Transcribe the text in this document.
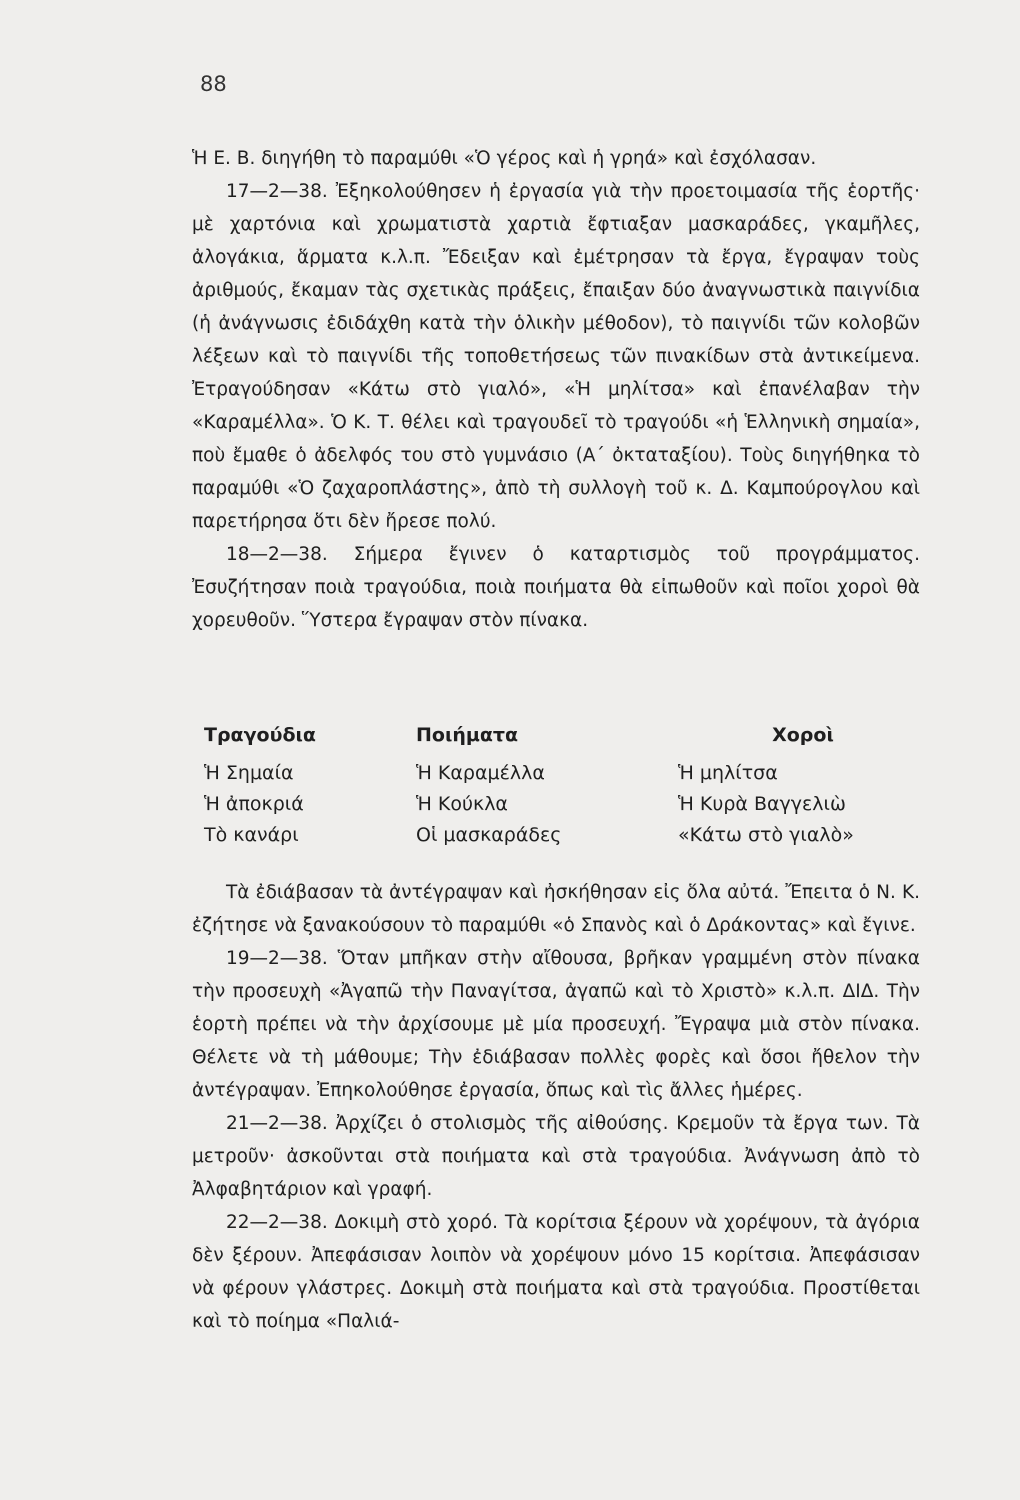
88

Ἡ Ε. Β. διηγήθη τὸ παραμύθι «Ὁ γέρος καὶ ἡ γρηά» καὶ ἐσχόλασαν.

17—2—38. Ἐξηκολούθησεν ἡ ἐργασία γιὰ τὴν προετοιμασία τῆς ἑορτῆς· μὲ χαρτόνια καὶ χρωματιστὰ χαρτιὰ ἔφτιαξαν μασκαράδες, γκαμῆλες, ἀλογάκια, ἅρματα κ.λ.π. Ἔδειξαν καὶ ἐμέτρησαν τὰ ἔργα, ἔγραψαν τοὺς ἀριθμούς, ἔκαμαν τὰς σχετικὰς πράξεις, ἔπαιξαν δύο ἀναγνωστικὰ παιγνίδια (ἡ ἀνάγνωσις ἐδιδάχθη κατὰ τὴν ὁλικὴν μέθοδον), τὸ παιγνίδι τῶν κολοβῶν λέξεων καὶ τὸ παιγνίδι τῆς τοποθετήσεως τῶν πινακίδων στὰ ἀντικείμενα. Ἐτραγούδησαν «Κάτω στὸ γιαλό», «Ἡ μηλίτσα» καὶ ἐπανέλαβαν τὴν «Καραμέλλα». Ὁ Κ. Τ. θέλει καὶ τραγουδεῖ τὸ τραγούδι «ἡ Ἑλληνικὴ σημαία», ποὺ ἔμαθε ὁ ἀδελφός του στὸ γυμνάσιο (Α΄ ὀκταταξίου). Τοὺς διηγήθηκα τὸ παραμύθι «Ὁ ζαχαροπλάστης», ἀπὸ τὴ συλλογὴ τοῦ κ. Δ. Καμπούρογλου καὶ παρετήρησα ὅτι δὲν ἤρεσε πολύ.

18—2—38. Σήμερα ἔγινεν ὁ καταρτισμὸς τοῦ προγράμματος. Ἐσυζήτησαν ποιὰ τραγούδια, ποιὰ ποιήματα θὰ εἰπωθοῦν καὶ ποῖοι χοροὶ θὰ χορευθοῦν. Ὕστερα ἔγραψαν στὸν πίνακα.

Τραγούδια	Ποιήματα	Χοροὶ
Ἡ Σημαία	Ἡ Καραμέλλα	Ἡ μηλίτσα
Ἡ ἀποκριά	Ἡ Κούκλα	Ἡ Κυρὰ Βαγγελιὼ
Τὸ κανάρι	Οἱ μασκαράδες	«Κάτω στὸ γιαλὸ»

Τὰ ἐδιάβασαν τὰ ἀντέγραψαν καὶ ἠσκήθησαν εἰς ὅλα αὐτά. Ἔπειτα ὁ Ν. Κ. ἐζήτησε νὰ ξανακούσουν τὸ παραμύθι «ὁ Σπανὸς καὶ ὁ Δράκοντας» καὶ ἔγινε.

19—2—38. Ὅταν μπῆκαν στὴν αἴθουσα, βρῆκαν γραμμένη στὸν πίνακα τὴν προσευχὴ «Ἀγαπῶ τὴν Παναγίτσα, ἀγαπῶ καὶ τὸ Χριστὸ» κ.λ.π. ΔΙΔ. Τὴν ἑορτὴ πρέπει νὰ τὴν ἀρχίσουμε μὲ μία προσευχή. Ἔγραψα μιὰ στὸν πίνακα. Θέλετε νὰ τὴ μάθουμε; Τὴν ἐδιάβασαν πολλὲς φορὲς καὶ ὅσοι ἤθελον τὴν ἀντέγραψαν. Ἐπηκολούθησε ἐργασία, ὅπως καὶ τὶς ἄλλες ἡμέρες.

21—2—38. Ἀρχίζει ὁ στολισμὸς τῆς αἰθούσης. Κρεμοῦν τὰ ἔργα των. Τὰ μετροῦν· ἀσκοῦνται στὰ ποιήματα καὶ στὰ τραγούδια. Ἀνάγνωση ἀπὸ τὸ Ἀλφαβητάριον καὶ γραφή.

22—2—38. Δοκιμὴ στὸ χορό. Τὰ κορίτσια ξέρουν νὰ χορέψουν, τὰ ἀγόρια δὲν ξέρουν. Ἀπεφάσισαν λοιπὸν νὰ χορέψουν μόνο 15 κορίτσια. Ἀπεφάσισαν νὰ φέρουν γλάστρες. Δοκιμὴ στὰ ποιήματα καὶ στὰ τραγούδια. Προστίθεται καὶ τὸ ποίημα «Παλιά-
